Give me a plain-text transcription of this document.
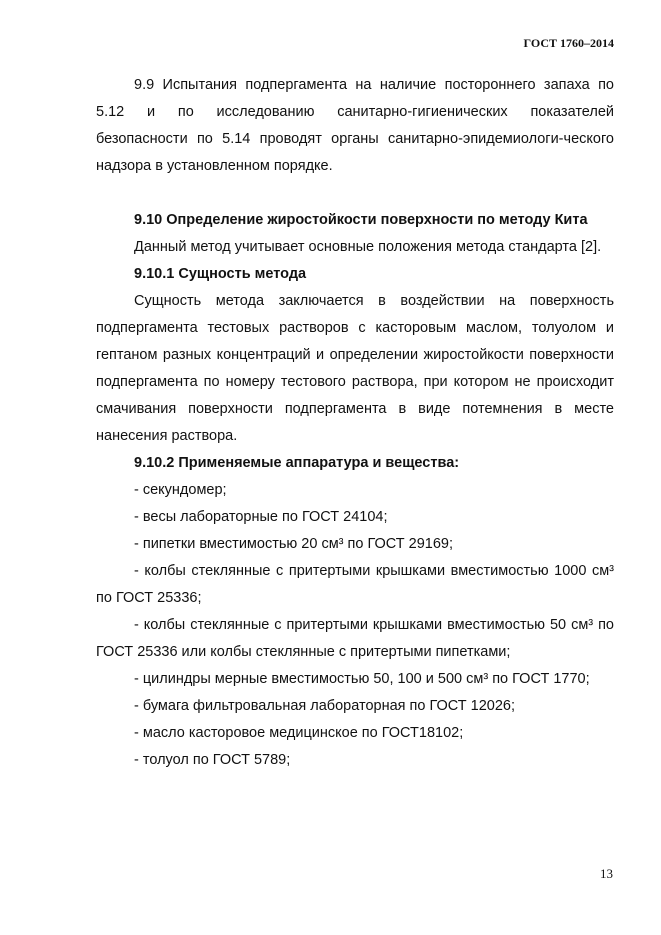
ГОСТ 1760–2014

9.9 Испытания подпергамента на наличие постороннего запаха по 5.12 и по исследованию санитарно-гигиенических показателей безопасности по 5.14 проводят органы санитарно-эпидемиологи-ческого надзора в установленном порядке.

9.10 Определение жиростойкости поверхности по методу Кита

Данный метод учитывает основные положения метода стандарта [2].

9.10.1 Сущность метода

Сущность метода заключается в воздействии на поверхность подпергамента тестовых растворов с касторовым маслом, толуолом и гептаном разных концентраций и определении жиростойкости поверхности подпергамента по номеру тестового раствора, при котором не происходит смачивания поверхности подпергамента в виде потемнения в месте нанесения раствора.

9.10.2 Применяемые аппаратура и вещества:

- секундомер;

- весы лабораторные по ГОСТ 24104;

- пипетки вместимостью 20 см³ по ГОСТ 29169;

- колбы стеклянные с притертыми крышками вместимостью 1000 см³ по ГОСТ 25336;

- колбы стеклянные с притертыми крышками вместимостью 50 см³ по ГОСТ 25336 или колбы стеклянные с притертыми пипетками;

- цилиндры мерные вместимостью 50, 100 и 500 см³ по ГОСТ 1770;

- бумага фильтровальная лабораторная по ГОСТ 12026;

- масло касторовое медицинское по ГОСТ18102;

- толуол по ГОСТ 5789;

13
